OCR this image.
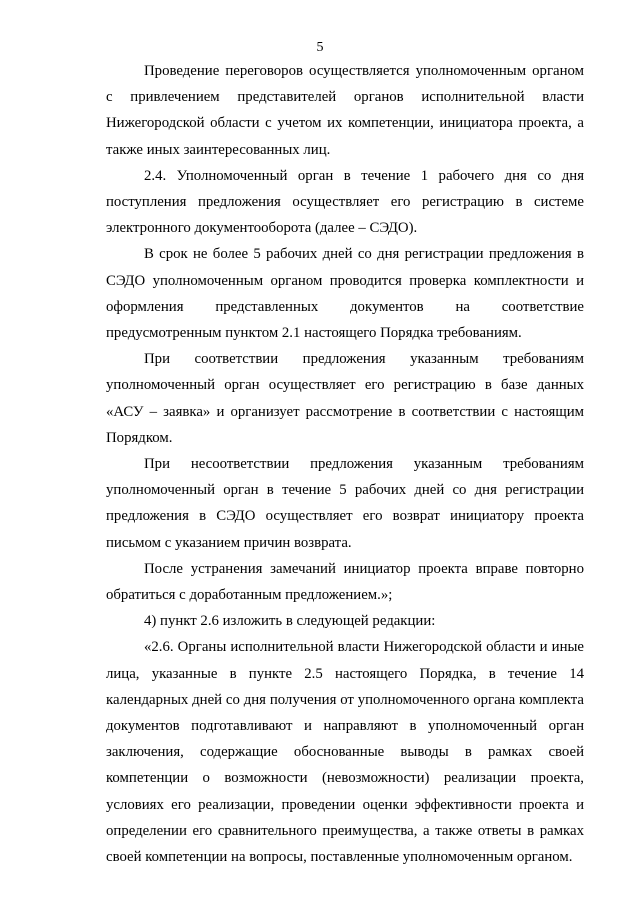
5

Проведение переговоров осуществляется уполномоченным органом с привлечением представителей органов исполнительной власти Нижегородской области с учетом их компетенции, инициатора проекта, а также иных заинтересованных лиц.

2.4. Уполномоченный орган в течение 1 рабочего дня со дня поступления предложения осуществляет его регистрацию в системе электронного документооборота (далее – СЭДО).

В срок не более 5 рабочих дней со дня регистрации предложения в СЭДО уполномоченным органом проводится проверка комплектности и оформления представленных документов на соответствие предусмотренным пунктом 2.1 настоящего Порядка требованиям.

При соответствии предложения указанным требованиям уполномоченный орган осуществляет его регистрацию в базе данных «АСУ – заявка» и организует рассмотрение в соответствии с настоящим Порядком.

При несоответствии предложения указанным требованиям уполномоченный орган в течение 5 рабочих дней со дня регистрации предложения в СЭДО осуществляет его возврат инициатору проекта письмом с указанием причин возврата.

После устранения замечаний инициатор проекта вправе повторно обратиться с доработанным предложением.»;

4) пункт 2.6 изложить в следующей редакции:

«2.6. Органы исполнительной власти Нижегородской области и иные лица, указанные в пункте 2.5 настоящего Порядка, в течение 14 календарных дней со дня получения от уполномоченного органа комплекта документов подготавливают и направляют в уполномоченный орган заключения, содержащие обоснованные выводы в рамках своей компетенции о возможности (невозможности) реализации проекта, условиях его реализации, проведении оценки эффективности проекта и определении его сравнительного преимущества, а также ответы в рамках своей компетенции на вопросы, поставленные уполномоченным органом.
